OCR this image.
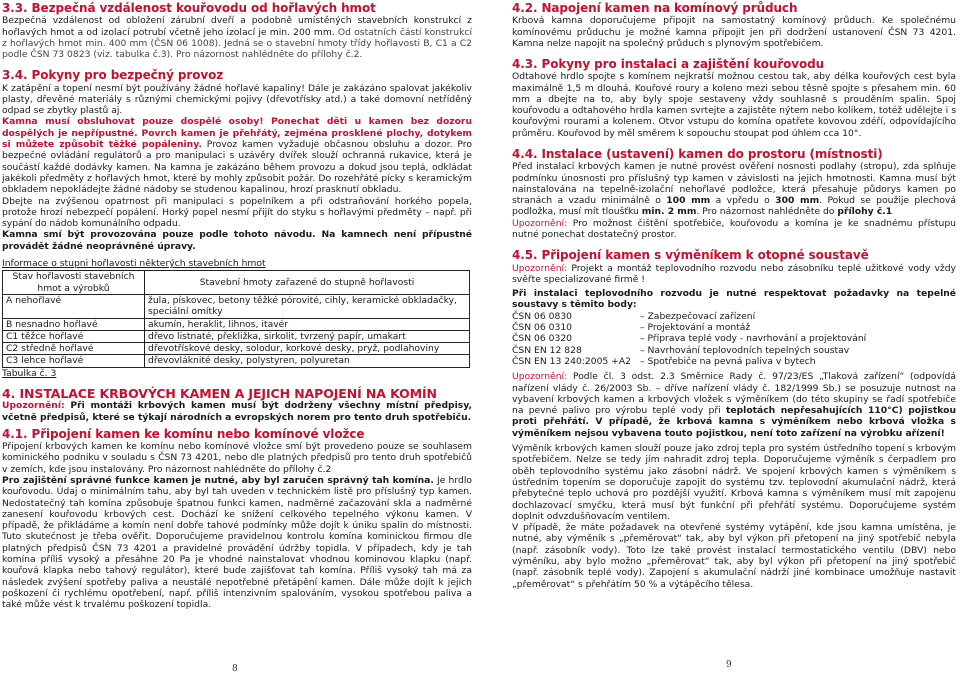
3.3. Bezpečná vzdálenost kouřovodu od hořlavých hmot

Bezpečná vzdálenost od obložení zárubní dveří a podobně umístěných stavebních konstrukcí z hořlavých hmot a od izolací potrubí včetně jeho izolací je min. 200 mm. Od ostatních částí konstrukcí z hořlavých hmot min. 400 mm (ČSN 06 1008). Jedná se o stavební hmoty třídy hořlavosti B, C1 a C2 podle ČSN 73 0823 (viz. tabulka č.3). Pro názornost nahlédněte do přílohy č.2.

3.4. Pokyny pro bezpečný provoz

K zatápění a topení nesmí být používány žádné hořlavé kapaliny! Dále je zakázáno spalovat jakékoliv plasty, dřevěné materiály s různými chemickými pojivy (dřevotřísky atd.) a také domovní netříděný odpad se zbytky plastů aj.

Kamna musí obsluhovat pouze dospělé osoby! Ponechat děti u kamen bez dozoru dospělých je nepřípustné. Povrch kamen je přehřátý, zejména prosklené plochy, dotykem si můžete způsobit těžké popáleniny. Provoz kamen vyžaduje občasnou obsluhu a dozor. Pro bezpečné ovládání regulátorů a pro manipulaci s uzávěry dvířek slouží ochranná rukavice, která je součástí každé dodávky kamen. Na kamna je zakázáno během provozu a dokud jsou teplá, odkládat jakékoli předměty z hořlavých hmot, které by mohly způsobit požár. Do rozehřáté pícky s keramickým obkladem nepokládejte žádné nádoby se studenou kapalinou, hrozí prasknutí obkladu.

Dbejte na zvýšenou opatrnost při manipulaci s popelníkem a při odstraňování horkého popela, protože hrozí nebezpečí popálení. Horký popel nesmí přijít do styku s hořlavými předměty – např. při sypání do nádob komunálního odpadu.

Kamna smí být provozována pouze podle tohoto návodu. Na kamnech není přípustné provádět žádné neoprávněné úpravy.

Informace o stupni hořlavosti některých stavebních hmot
Stav hořlavosti stavebních hmot a výrobků	Stavební hmoty zařazené do stupně hořlavosti
A nehořlavé	žula, pískovec, betony těžké pórovité, cihly, keramické obkladačky, speciální omítky
B nesnadno hořlavé	akumín, heraklit, lihnos, itavér
C1 těžce hořlavé	dřevo listnaté, překližka, sirkolit, tvrzený papír, umakart
C2 středně hořlavé	dřevotřískové desky, solodur, korkové desky, pryž, podlahoviny
C3 lehce hořlavé	dřevovláknité desky, polystyren, polyuretan
Tabulka č. 3
4. INSTALACE KRBOVÝCH KAMEN A JEJICH NAPOJENÍ NA KOMÍN

Upozornění: Při montáži krbových kamen musí být dodrženy všechny místní předpisy, včetně předpisů, které se týkají národních a evropských norem pro tento druh spotřebiču.

4.1. Připojení kamen ke komínu nebo komínové vložce

Připojení krbových kamen ke komínu nebo komínové vložce smí být provedeno pouze se souhlasem kominického podniku v souladu s ČSN 73 4201, nebo dle platných předpisů pro tento druh spotřebičů v zemích, kde jsou instalovány. Pro názornost nahlédněte do přílohy č.2

Pro zajištění správné funkce kamen je nutné, aby byl zaručen správný tah komína. Je hrdlo kouřovodu. Údaj o minimálním tahu, aby byl tah uveden v technickém listě pro příslušný typ kamen. Nedostatečný tah komína způsobuje špatnou funkci kamen, nadměrné začazování skla a nadměrné zanesení kouřovodu krbových cest. Dochází ke snížení celkového tepelného výkonu kamen. V případě, že přikládáme a komín není dobře tahové podmínky může dojít k úniku spalin do místnosti. Tuto skutečnost je třeba ověřit. Doporučujeme pravidelnou kontrolu komína kominickou firmou dle platných předpisů ČSN 73 4201 a pravidelné provádění údržby topidla. V případech, kdy je tah komína příliš vysoký a přesáhne 20 Pa je vhodné nainstalovat vhodnou kominovou klapku (např. kouřová klapka nebo tahový regulátor), které bude zajišťovat tah komína. Příliš vysoký tah má za následek zvýšení spotřeby paliva a neustálé nepotřebné přetápění kamen. Dále může dojít k jejich poškození či rychlému opotřebení, např. příliš intenzivním spalováním, vysokou spotřebou paliva a také může vést k trvalému poškození topidla.

8
4.2. Napojení kamen na komínový průduch

Krbová kamna doporučujeme připojit na samostatný komínový průduch. Ke společnému komínovému průduchu je možné kamna připojit jen při dodržení ustanovení ČSN 73 4201. Kamna nelze napojit na společný průduch s plynovým spotřebičem.

4.3. Pokyny pro instalaci a zajištění kouřovodu

Odtahové hrdlo spojte s komínem nejkratší možnou cestou tak, aby délka kouřových cest byla maximálně 1,5 m dlouhá. Kouřové roury a koleno mezi sebou těsně spojte s přesahem min. 60 mm a dbejte na to, aby byly spoje sestaveny vždy souhlasně s prouděním spalin. Spoj kouřovodu a odtahového hrdla kamen svrtejte a zajistěte nýtem nebo kolíkem, totéž udělejte i s kouřovými rourami a kolenem. Otvor vstupu do komína opatřete kovovou zdéří, odpovídajícího průměru. Kouřovod by měl směrem k sopouchu stoupat pod úhlem cca 10°.

4.4. Instalace (ustavení) kamen do prostoru (místnosti)

Před instalací krbových kamen je nutné provést ověření nosnosti podlahy (stropu), zda splňuje podmínku únosnosti pro příslušný typ kamen v závislosti na jejich hmotnosti. Kamna musí být nainstalována na tepelně-izolační nehořlavé podložce, která přesahuje půdorys kamen po stranách a vzadu minimálně o 100 mm a vpředu o 300 mm. Pokud se použije plechová podložka, musí mít tloušťku min. 2 mm. Pro názornost nahlédněte do přílohy č.1

Upozornění: Pro možnost čištění spotřebiče, kouřovodu a komína je ke snadnému přístupu nutné ponechat dostatečný prostor.

4.5. Připojení kamen s výměníkem k otopné soustavě

Upozornění: Projekt a montáž teplovodního rozvodu nebo zásobníku teplé užitkové vody vždy svěřte specializované firmě !

Při instalaci teplovodního rozvodu je nutné respektovat požadavky na tepelné soustavy s těmito body:

ČSN 06 0830	– Zabezpečovací zařízení
ČSN 06 0310	– Projektování a montáž
ČSN 06 0320	– Příprava teplé vody - navrhování a projektování
ČSN EN 12 828	– Navrhování teplovodních tepelných soustav
ČSN EN 13 240:2005 +A2 – Spotřebiče na pevná paliva v bytech

Upozornění: Podle čl. 3 odst. 2.3 Směrnice Rady č. 97/23/ES „Tlaková zařízení“ (odpovídá nařízení vlády č. 26/2003 Sb. – dříve nařízení vlády č. 182/1999 Sb.) se posuzuje nutnost na vybavení krbových kamen a krbových vložek s výměníkem (do této skupiny se řadí spotřebiče na pevné palivo pro výrobu teplé vody při teplotách nepřesahujících 110°C) pojistkou proti přehřátí. V případě, že krbová kamna s výměníkem nebo krbová vložka s výměníkem nejsou vybavena touto pojistkou, není toto zařízení na výrobku ařízení!

Výměník krbových kamen slouží pouze jako zdroj tepla pro systém ústředního topení s krbovým spotřebičem. Nelze se tedy jím nahradit zdroj tepla. Doporučujeme výměník s čerpadlem pro oběh teplovodního systému jako zásobní nádrž. Ve spojení krbových kamen s výměníkem s ústředním topením se doporučuje zapojit do systému tzv. teplovodní akumulační nádrž, která přebytečné teplo uchová pro pozdější využití. Krbová kamna s výměníkem musí mít zapojenu dochlazovací smyčku, která musí být funkční při přehřátí systému. Doporučujeme systém doplnit odvzdušňovacím ventilem.

V případě, že máte požadavek na otevřené systémy vytápění, kde jsou kamna umístěna, je nutné, aby výměník s „přeměrovat“ tak, aby byl výkon při přetopení na jiný spotřebič nebyla (např. zásobník vody). Toto lze také provést instalací termostatického ventilu (DBV) nebo výměníku, aby bylo možno „přeměrovat“ tak, aby byl výkon při přetopení na jiný spotřebič (např. zásobník teplé vody). Zapojení s akumulační nádrží jiné kombinace umožňuje nastavit „přeměrovat“ s přehřátím 50 % a výtápěcího tělesa.

9
